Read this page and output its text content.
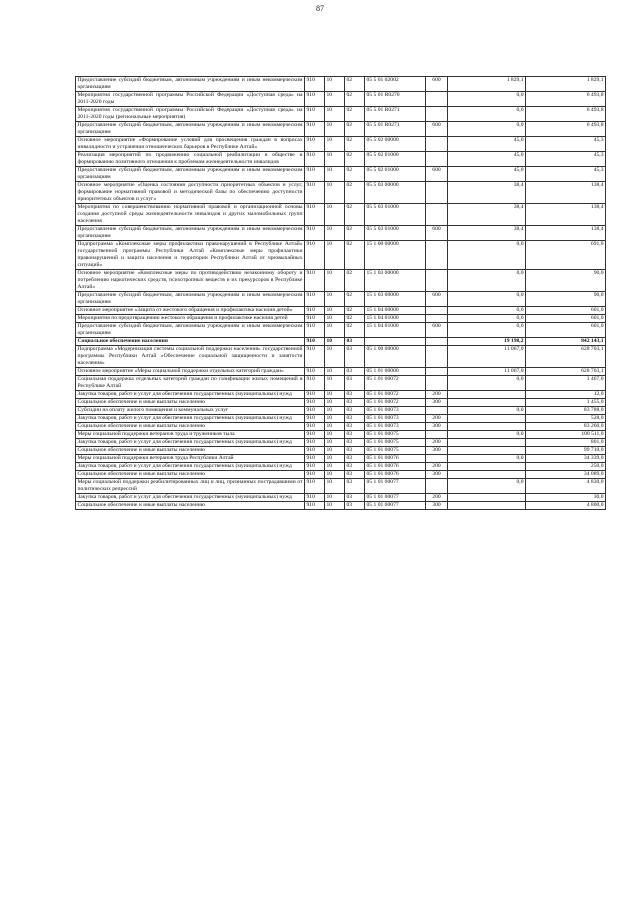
87
Предоставление субсидий бюджетным, автономным учреждениям и иным некоммерческим организациям	910	10	02	05 5 01 02002	600	1 829,1	1 829,1
Мероприятия государственной программы Российской Федерации «Доступная среда» на 2011-2020 годы	910	10	02	05 5 01 R0270		0,0	6 493,8
Мероприятия государственной программы Российской Федерации «Доступная среда» на 2011-2020 годы (региональные мероприятия)	910	10	02	05 5 01 R0271		0,0	6 493,8
Предоставление субсидий бюджетным, автономным учреждениям и иным некоммерческим организациям	910	10	02	05 5 01 R0271	600	0,0	6 493,8
Основное мероприятие «Формирование условий для просвещения граждан в вопросах инвалидности и устранения отношенческих барьеров в Республике Алтай»	910	10	02	05 5 02 00000		45,0	45,3
Реализация мероприятий по продвижению социальной реабилитации в обществе и формированию позитивного отношения к проблемам жизнедеятельности инвалидов	910	10	02	05 5 02 01000		45,0	45,3
Предоставление субсидий бюджетным, автономным учреждениям и иным некоммерческим организациям	910	10	02	05 5 02 01000	600	45,0	45,3
Основное мероприятие «Оценка состояния доступности приоритетных объектов и услуг, формирование нормативной правовой и методической базы по обеспечению доступности приоритетных объектов и услуг»	910	10	02	05 5 03 00000		38,4	138,4
Мероприятия по совершенствованию нормативной правовой и организационной основы создания доступной среды жизнедеятельности инвалидов и других маломобильных групп населения	910	10	02	05 5 03 01000		38,4	138,4
Предоставление субсидий бюджетным, автономным учреждениям и иным некоммерческим организациям	910	10	02	05 5 03 01000	600	38,4	138,4
Подпрограмма «Комплексные меры профилактики правонарушений в Республике Алтай» государственной программы Республики Алтай «Комплексные меры профилактики правонарушений и защита населения и территории Республики Алтай от чрезвычайных ситуаций»	910	10	02	15 1 00 00000		0,0	691,0
Основное мероприятие «Комплексные меры по противодействию незаконному обороту и потреблению наркотических средств, психотропных веществ и их прекурсоров в Республике Алтай»	910	10	02	15 1 03 00000		0,0	90,0
Предоставление субсидий бюджетным, автономным учреждениям и иным некоммерческим организациям	910	10	02	15 1 03 00000	600	0,0	90,0
Основное мероприятие «Защита от жестокого обращения и профилактика насилия детей»	910	10	02	15 1 04 00000		0,0	601,0
Мероприятия по предотвращению жестокого обращения и профилактике насилия детей	910	10	02	15 1 04 01000		0,0	601,0
Предоставление субсидий бюджетным, автономным учреждениям и иным некоммерческим организациям	910	10	02	15 1 04 01000	600	0,0	601,0
Социальное обеспечение населения	910	10	03			19 198,2	842 143,1
Подпрограмма «Модернизация системы социальной поддержки населения» государственной программы Республики Алтай «Обеспечение социальной защищенности и занятости населения»	910	10	03	05 1 00 00000		11 067,0	628 703,1
Основное мероприятие «Меры социальной поддержки отдельных категорий граждан»	910	10	03	05 1 01 00000		11 067,0	628 703,1
Социальная поддержка отдельных категорий граждан по газификации жилых помещений в Республике Алтай	910	10	03	05 1 01 00072		0,0	1 467,0
Закупка товаров, работ и услуг для обеспечения государственных (муниципальных) нужд	910	10	03	05 1 01 00072	200		12,0
Социальное обеспечение и иные выплаты населению	910	10	03	05 1 01 00072	300		1 455,0
Субсидии на оплату жилого помещения и коммунальных услуг	910	10	03	05 1 01 00073		0,0	83 788,0
Закупка товаров, работ и услуг для обеспечения государственных (муниципальных) нужд	910	10	03	05 1 01 00073	200		528,0
Социальное обеспечение и иные выплаты населению	910	10	03	05 1 01 00073	300		83 260,0
Меры социальной поддержки ветеранов труда и тружеников тыла	910	10	03	05 1 01 00075		0,0	100 511,0
Закупка товаров, работ и услуг для обеспечения государственных (муниципальных) нужд	910	10	03	05 1 01 00075	200		801,0
Социальное обеспечение и иные выплаты населению	910	10	03	05 1 01 00075	300		99 710,0
Меры социальной поддержки ветеранов труда Республики Алтай	910	10	03	05 1 01 00076		0,0	34 339,0
Закупка товаров, работ и услуг для обеспечения государственных (муниципальных) нужд	910	10	03	05 1 01 00076	200		250,0
Социальное обеспечение и иные выплаты населению	910	10	03	05 1 01 00076	300		34 089,0
Меры социальной поддержки реабилитированных лиц и лиц, признанных пострадавшими от политических репрессий	910	10	03	05 1 01 00077		0,0	4 830,0
Закупка товаров, работ и услуг для обеспечения государственных (муниципальных) нужд	910	10	03	05 1 01 00077	200		30,0
Социальное обеспечение и иные выплаты населению	910	10	03	05 1 01 00077	300		4 800,0
